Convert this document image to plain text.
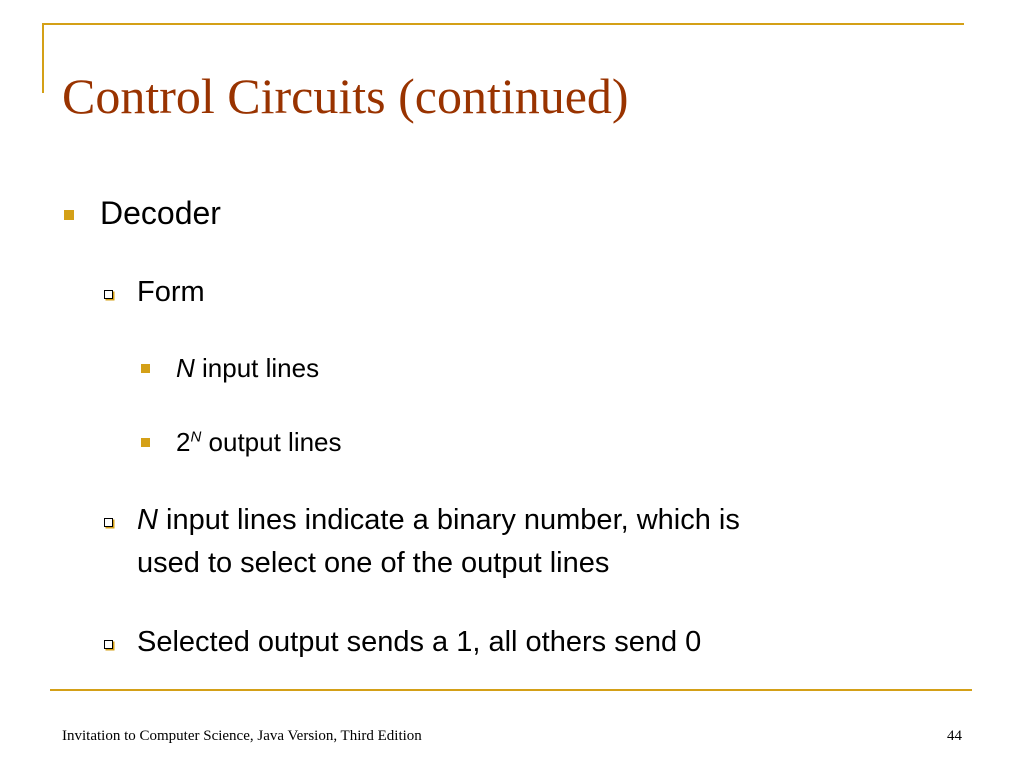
Control Circuits (continued)
Decoder
Form
N input lines
$2^N$ output lines
N input lines indicate a binary number, which is
used to select one of the output lines
Selected output sends a 1, all others send 0
Invitation to Computer Science, Java Version, Third Edition	44
